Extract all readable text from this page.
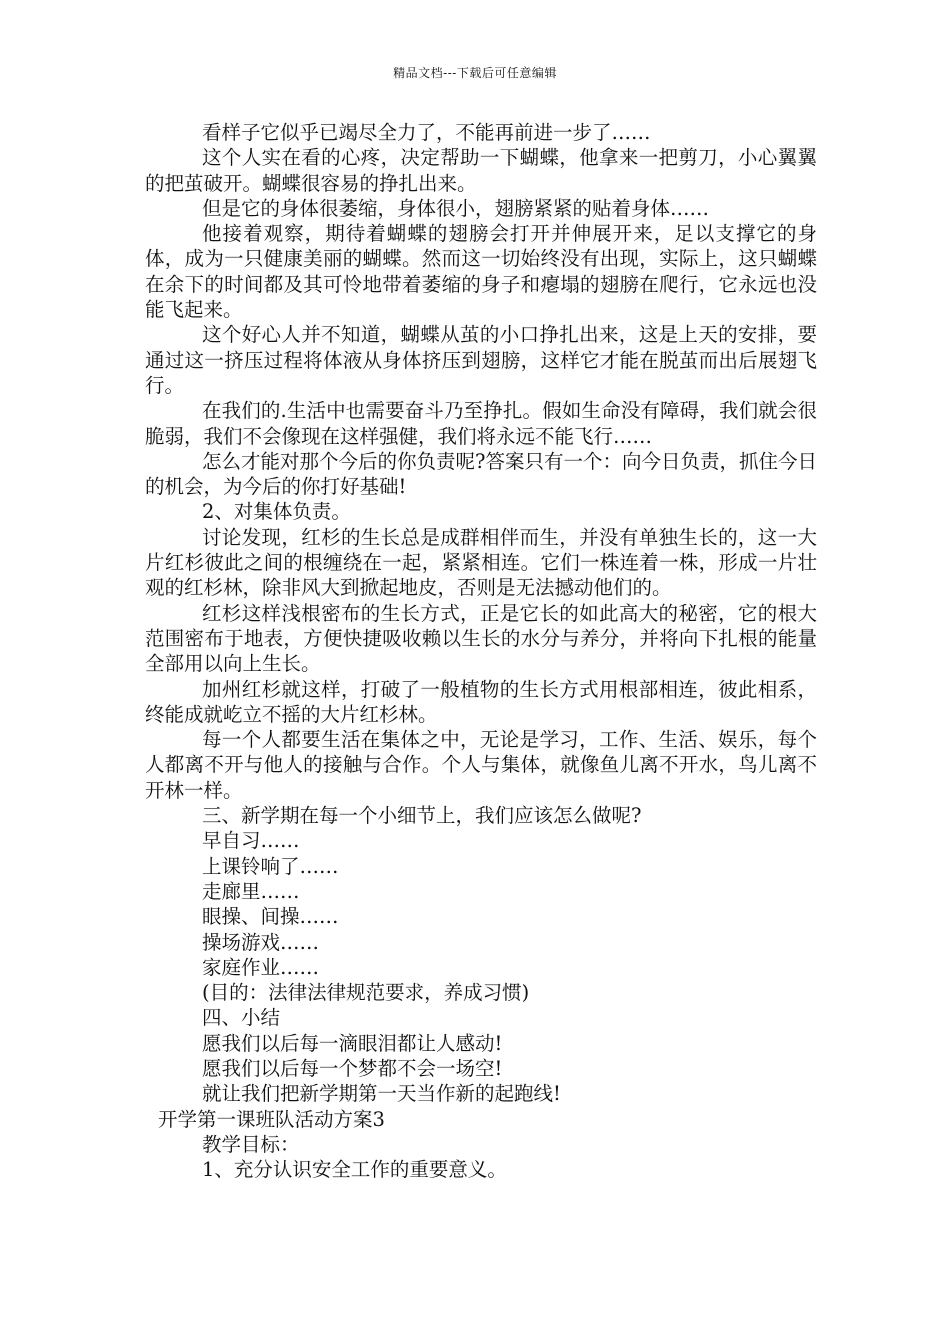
精品文档---下载后可任意编辑

看样子它似乎已竭尽全力了，不能再前进一步了……

这个人实在看的心疼，决定帮助一下蝴蝶，他拿来一把剪刀，小心翼翼的把茧破开。蝴蝶很容易的挣扎出来。

但是它的身体很萎缩，身体很小，翅膀紧紧的贴着身体……

他接着观察，期待着蝴蝶的翅膀会打开并伸展开来，足以支撑它的身体，成为一只健康美丽的蝴蝶。然而这一切始终没有出现，实际上，这只蝴蝶在余下的时间都及其可怜地带着萎缩的身子和瘪塌的翅膀在爬行，它永远也没能飞起来。

这个好心人并不知道，蝴蝶从茧的小口挣扎出来，这是上天的安排，要通过这一挤压过程将体液从身体挤压到翅膀，这样它才能在脱茧而出后展翅飞行。

在我们的.生活中也需要奋斗乃至挣扎。假如生命没有障碍，我们就会很脆弱，我们不会像现在这样强健，我们将永远不能飞行……

怎么才能对那个今后的你负责呢?答案只有一个：向今日负责，抓住今日的机会，为今后的你打好基础!

2、对集体负责。

讨论发现，红杉的生长总是成群相伴而生，并没有单独生长的，这一大片红杉彼此之间的根缠绕在一起，紧紧相连。它们一株连着一株，形成一片壮观的红杉林，除非风大到掀起地皮，否则是无法撼动他们的。

红杉这样浅根密布的生长方式，正是它长的如此高大的秘密，它的根大范围密布于地表，方便快捷吸收赖以生长的水分与养分，并将向下扎根的能量全部用以向上生长。

加州红杉就这样，打破了一般植物的生长方式用根部相连，彼此相系，终能成就屹立不摇的大片红杉林。

每一个人都要生活在集体之中，无论是学习，工作、生活、娱乐，每个人都离不开与他人的接触与合作。个人与集体，就像鱼儿离不开水，鸟儿离不开林一样。

三、新学期在每一个小细节上，我们应该怎么做呢?

早自习……

上课铃响了……

走廊里……

眼操、间操……

操场游戏……

家庭作业……

(目的：法律法律规范要求，养成习惯)

四、小结

愿我们以后每一滴眼泪都让人感动!

愿我们以后每一个梦都不会一场空!

就让我们把新学期第一天当作新的起跑线!

开学第一课班队活动方案3

教学目标：

1、充分认识安全工作的重要意义。
